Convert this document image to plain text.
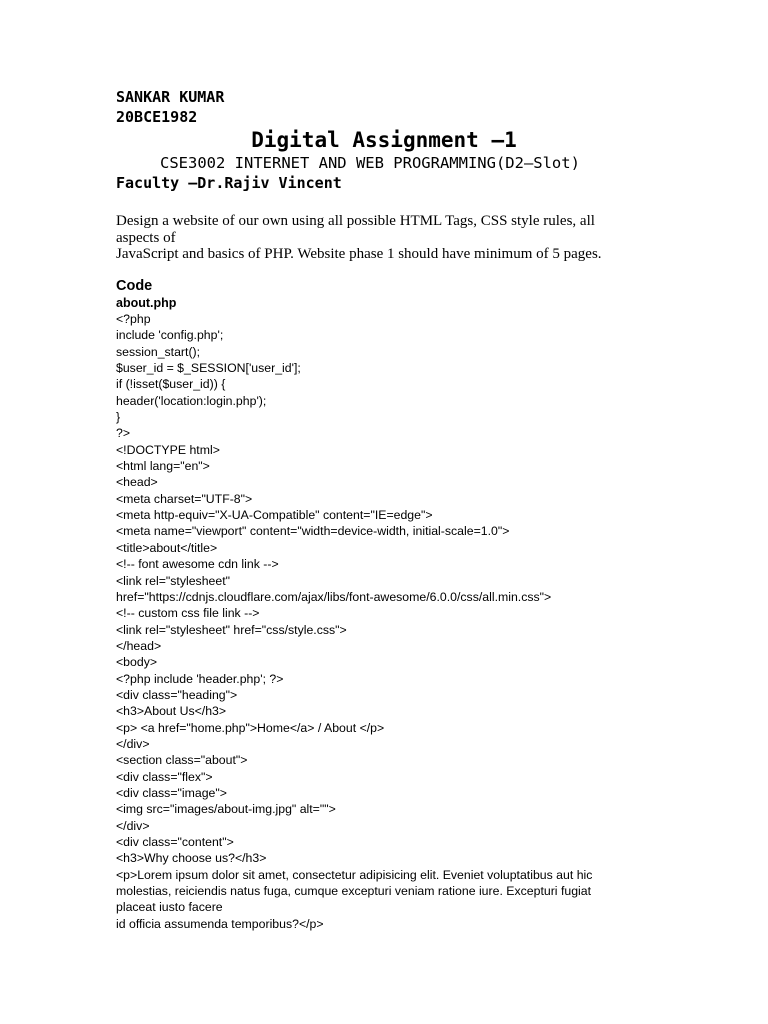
SANKAR KUMAR
20BCE1982
Digital Assignment –1
CSE3002 INTERNET AND WEB PROGRAMMING(D2–Slot)
Faculty –Dr.Rajiv Vincent
Design a website of our own using all possible HTML Tags, CSS style rules, all
aspects of
JavaScript and basics of PHP. Website phase 1 should have minimum of 5 pages.
Code
about.php
<?php
include 'config.php';
session_start();
$user_id = $_SESSION['user_id'];
if (!isset($user_id)) {
header('location:login.php');
}
?>
<!DOCTYPE html>
<html lang="en">
<head>
<meta charset="UTF-8">
<meta http-equiv="X-UA-Compatible" content="IE=edge">
<meta name="viewport" content="width=device-width, initial-scale=1.0">
<title>about</title>
<!-- font awesome cdn link -->
<link rel="stylesheet"
href="https://cdnjs.cloudflare.com/ajax/libs/font-awesome/6.0.0/css/all.min.css">
<!-- custom css file link -->
<link rel="stylesheet" href="css/style.css">
</head>
<body>
<?php include 'header.php'; ?>
<div class="heading">
<h3>About Us</h3>
<p> <a href="home.php">Home</a> / About </p>
</div>
<section class="about">
<div class="flex">
<div class="image">
<img src="images/about-img.jpg" alt="">
</div>
<div class="content">
<h3>Why choose us?</h3>
<p>Lorem ipsum dolor sit amet, consectetur adipisicing elit. Eveniet voluptatibus aut hic
molestias, reiciendis natus fuga, cumque excepturi veniam ratione iure. Excepturi fugiat
placeat iusto facere
id officia assumenda temporibus?</p>
